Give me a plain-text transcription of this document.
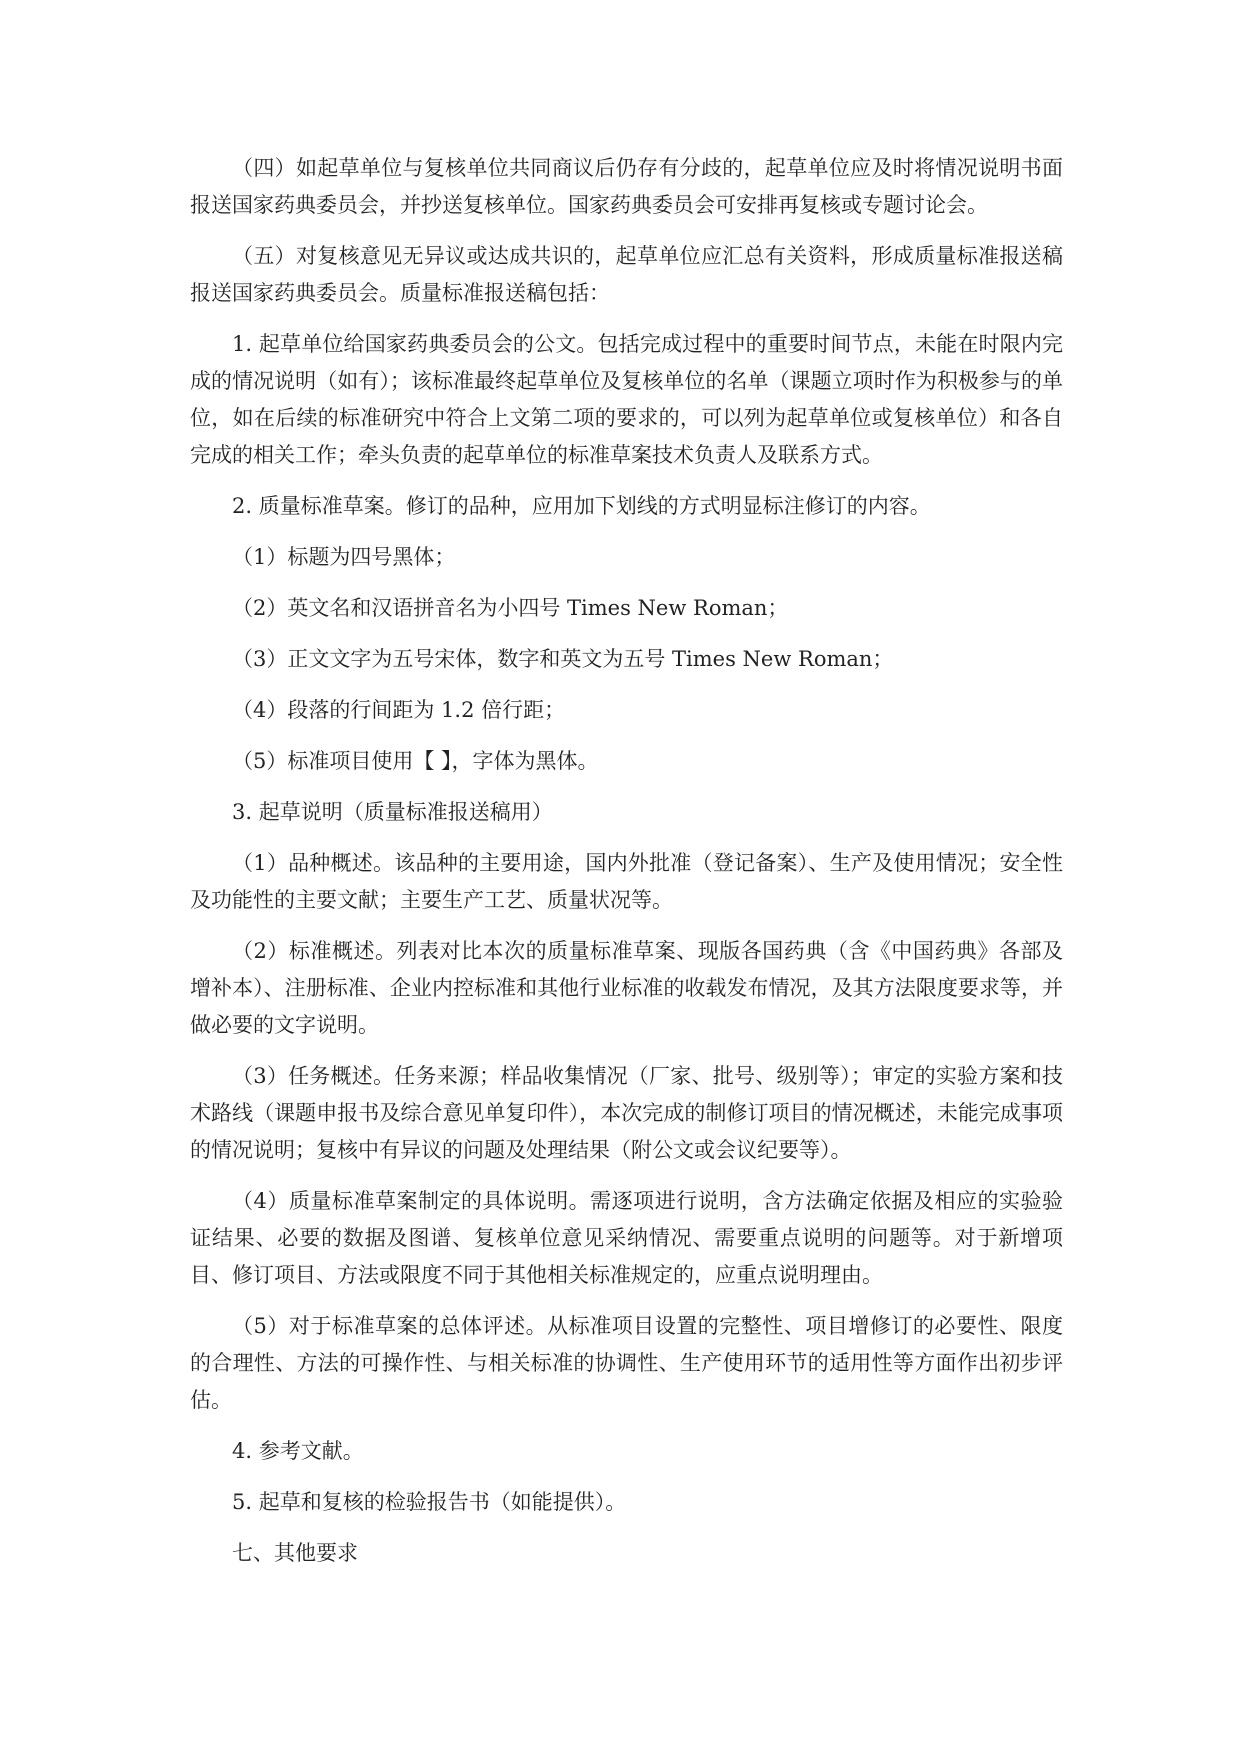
（四）如起草单位与复核单位共同商议后仍存有分歧的，起草单位应及时将情况说明书面报送国家药典委员会，并抄送复核单位。国家药典委员会可安排再复核或专题讨论会。

（五）对复核意见无异议或达成共识的，起草单位应汇总有关资料，形成质量标准报送稿报送国家药典委员会。质量标准报送稿包括：

1. 起草单位给国家药典委员会的公文。包括完成过程中的重要时间节点，未能在时限内完成的情况说明（如有）；该标准最终起草单位及复核单位的名单（课题立项时作为积极参与的单位，如在后续的标准研究中符合上文第二项的要求的，可以列为起草单位或复核单位）和各自完成的相关工作；牵头负责的起草单位的标准草案技术负责人及联系方式。

2. 质量标准草案。修订的品种，应用加下划线的方式明显标注修订的内容。

（1）标题为四号黑体；

（2）英文名和汉语拼音名为小四号 Times New Roman；

（3）正文文字为五号宋体，数字和英文为五号 Times New Roman；

（4）段落的行间距为 1.2 倍行距；

（5）标准项目使用【 】，字体为黑体。

3. 起草说明（质量标准报送稿用）

（1）品种概述。该品种的主要用途，国内外批准（登记备案）、生产及使用情况；安全性及功能性的主要文献；主要生产工艺、质量状况等。

（2）标准概述。列表对比本次的质量标准草案、现版各国药典（含《中国药典》各部及增补本）、注册标准、企业内控标准和其他行业标准的收载发布情况，及其方法限度要求等，并做必要的文字说明。

（3）任务概述。任务来源；样品收集情况（厂家、批号、级别等）；审定的实验方案和技术路线（课题申报书及综合意见单复印件），本次完成的制修订项目的情况概述，未能完成事项的情况说明；复核中有异议的问题及处理结果（附公文或会议纪要等）。

（4）质量标准草案制定的具体说明。需逐项进行说明，含方法确定依据及相应的实验验证结果、必要的数据及图谱、复核单位意见采纳情况、需要重点说明的问题等。对于新增项目、修订项目、方法或限度不同于其他相关标准规定的，应重点说明理由。

（5）对于标准草案的总体评述。从标准项目设置的完整性、项目增修订的必要性、限度的合理性、方法的可操作性、与相关标准的协调性、生产使用环节的适用性等方面作出初步评估。

4. 参考文献。

5. 起草和复核的检验报告书（如能提供）。

七、其他要求
